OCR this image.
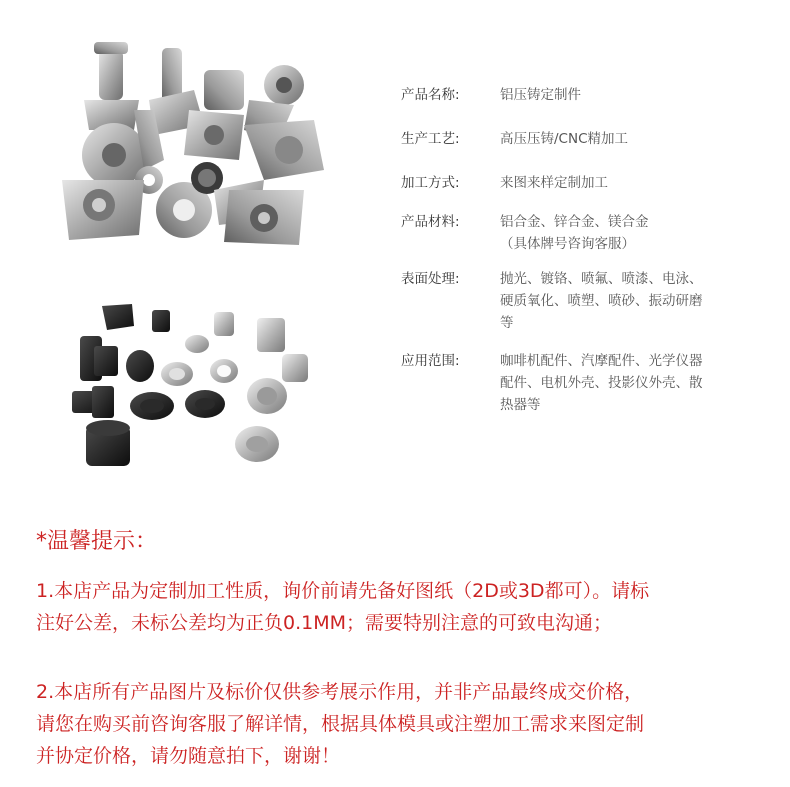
产品名称:	铝压铸定制件
生产工艺:	高压压铸/CNC精加工
加工方式:	来图来样定制加工
产品材料:	铝合金、锌合金、镁合金
（具体牌号咨询客服）
表面处理:	抛光、镀铬、喷氟、喷漆、电泳、
硬质氧化、喷塑、喷砂、振动研磨
等
应用范围:	咖啡机配件、汽摩配件、光学仪器
配件、电机外壳、投影仪外壳、散
热器等
*温馨提示：
1.本店产品为定制加工性质，询价前请先备好图纸（2D或3D都可）。请标
注好公差，未标公差均为正负0.1MM；需要特别注意的可致电沟通；
2.本店所有产品图片及标价仅供参考展示作用，并非产品最终成交价格，
请您在购买前咨询客服了解详情，根据具体模具或注塑加工需求来图定制
并协定价格，请勿随意拍下，谢谢！
